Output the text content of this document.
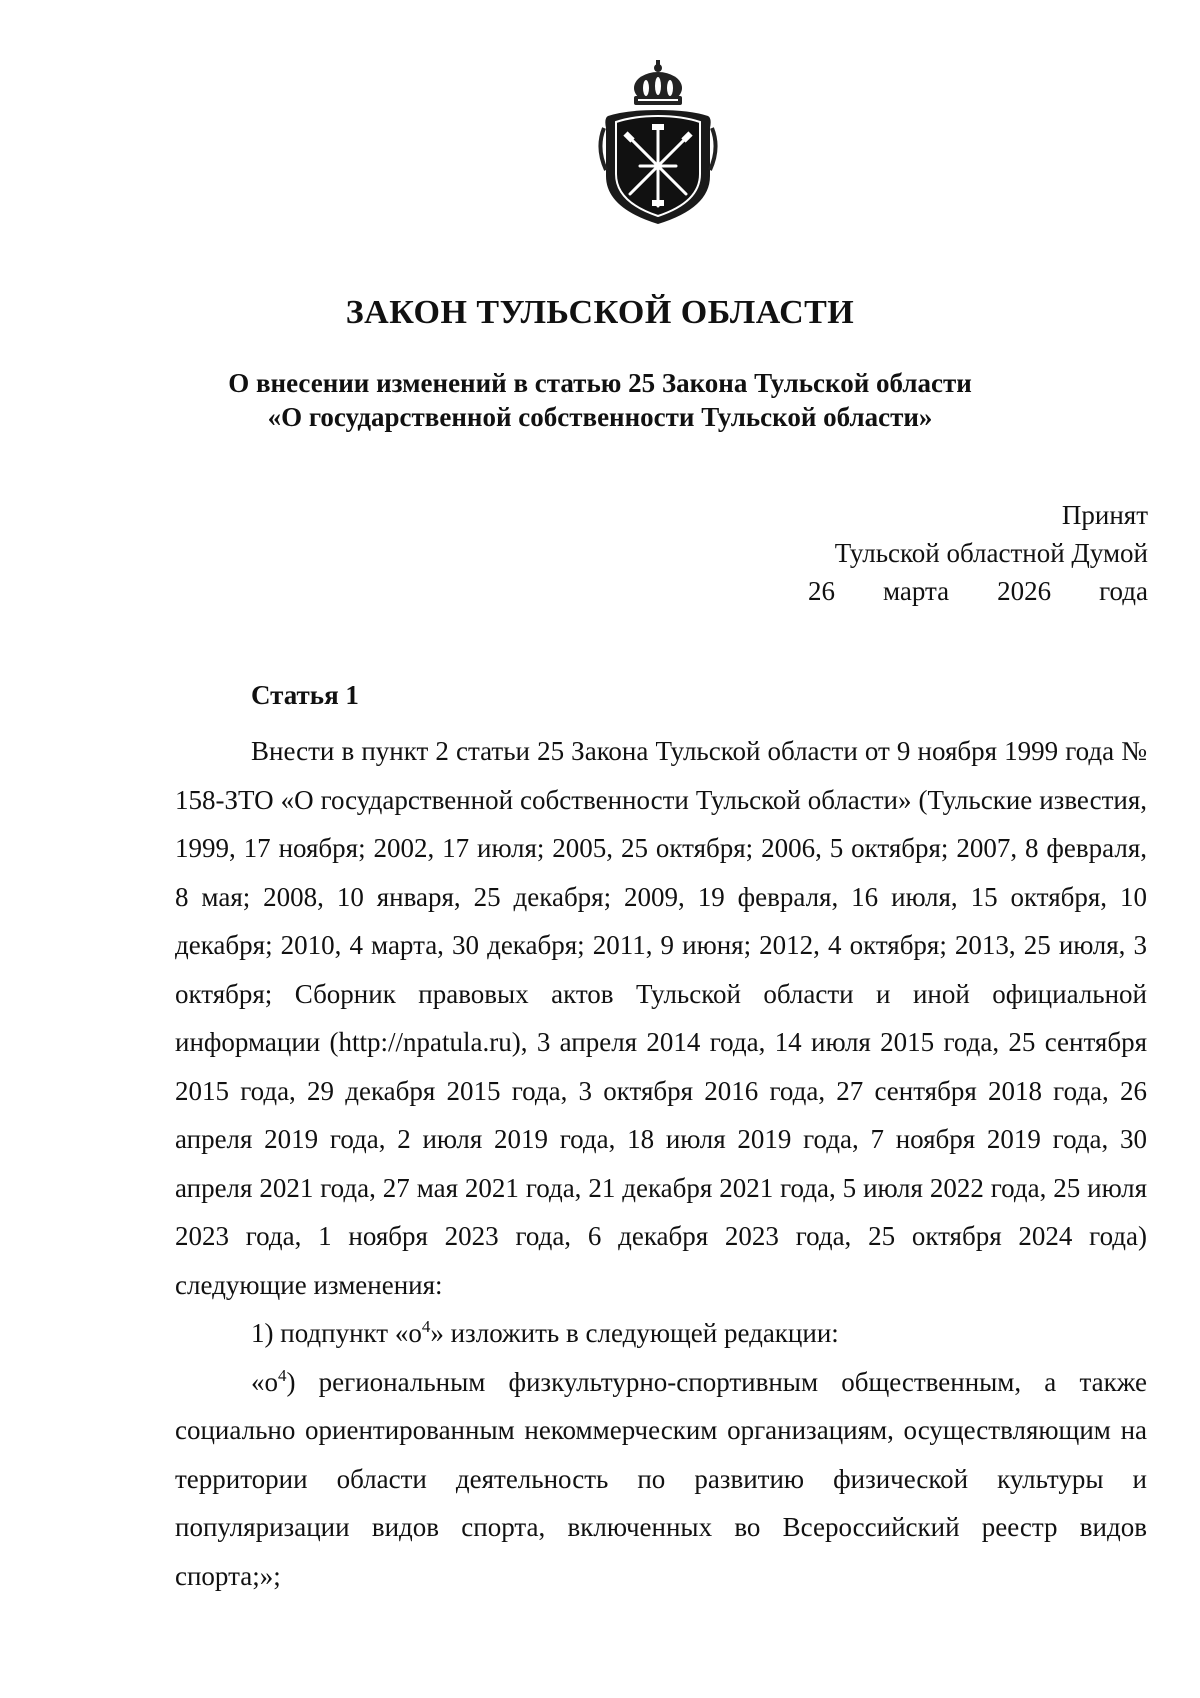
ЗАКОН ТУЛЬСКОЙ ОБЛАСТИ
О внесении изменений в статью 25 Закона Тульской области
«О государственной собственности Тульской области»
Принят
Тульской областной Думой
26 марта 2026 года
Статья 1

Внести в пункт 2 статьи 25 Закона Тульской области от 9 ноября 1999 года № 158-ЗТО «О государственной собственности Тульской области» (Тульские известия, 1999, 17 ноября; 2002, 17 июля; 2005, 25 октября; 2006, 5 октября; 2007, 8 февраля, 8 мая; 2008, 10 января, 25 декабря; 2009, 19 февраля, 16 июля, 15 октября, 10 декабря; 2010, 4 марта, 30 декабря; 2011, 9 июня; 2012, 4 октября; 2013, 25 июля, 3 октября; Сборник правовых актов Тульской области и иной официальной информации (http://npatula.ru), 3 апреля 2014 года, 14 июля 2015 года, 25 сентября 2015 года, 29 декабря 2015 года, 3 октября 2016 года, 27 сентября 2018 года, 26 апреля 2019 года, 2 июля 2019 года, 18 июля 2019 года, 7 ноября 2019 года, 30 апреля 2021 года, 27 мая 2021 года, 21 декабря 2021 года, 5 июля 2022 года, 25 июля 2023 года, 1 ноября 2023 года, 6 декабря 2023 года, 25 октября 2024 года) следующие изменения:

1) подпункт «$о^4$» изложить в следующей редакции:

«$о^4$) региональным физкультурно-спортивным общественным, а также социально ориентированным некоммерческим организациям, осуществляющим на территории области деятельность по развитию физической культуры и популяризации видов спорта, включенных во Всероссийский реестр видов спорта;»;
